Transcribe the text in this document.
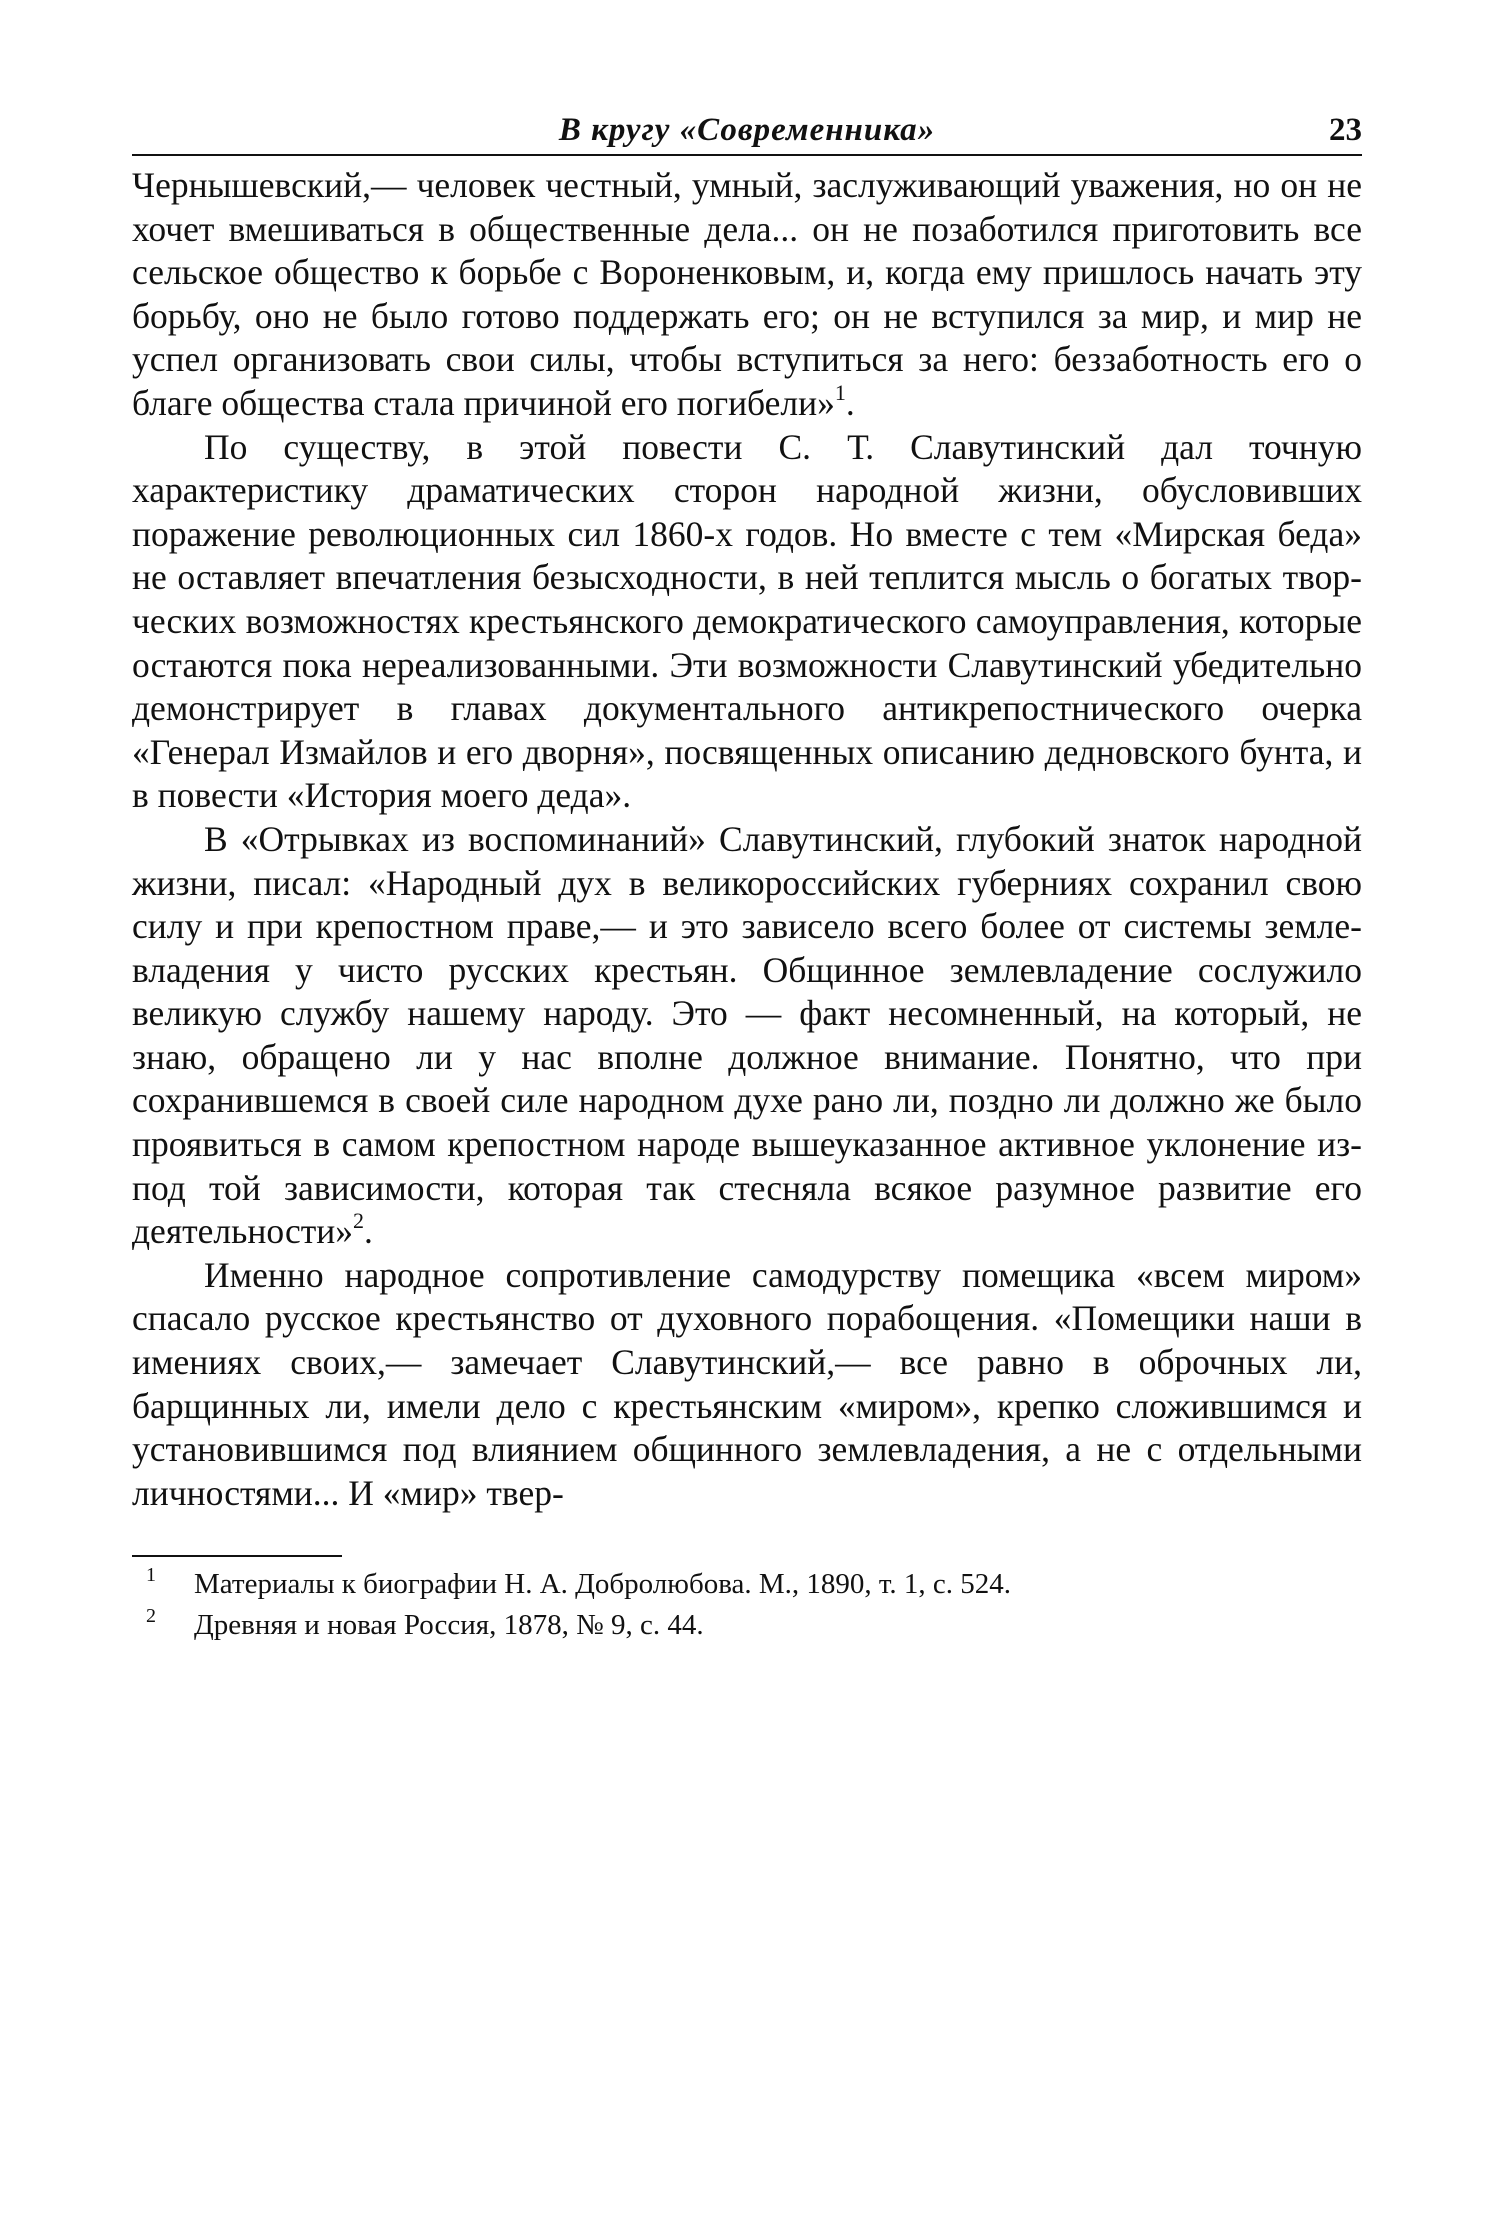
В кругу «Современника»	23

Чернышевский,— человек честный, умный, заслуживающий уважения, но он не хочет вмешиваться в общественные дела... он не позаботился приготовить все сельское общество к борьбе с Вороненковым, и, когда ему пришлось начать эту борьбу, оно не было готово поддержать его; он не вступился за мир, и мир не успел организовать свои силы, чтобы вступиться за него: беззаботность его о благе общества стала причиной его погибели»$^1$.

По существу, в этой повести С. Т. Славутинский дал точную характеристику драматических сторон народной жизни, обусловивших поражение революционных сил 1860-х годов. Но вместе с тем «Мирская беда» не оставляет впечатления безысходности, в ней теплится мысль о богатых творческих возможностях крестьянского демократического самоуправления, которые остаются пока нереализованными. Эти возможности Славутинский убедительно демонстрирует в главах документального антикрепостнического очерка «Генерал Измайлов и его дворня», посвященных описанию дедновского бунта, и в повести «История моего деда».

В «Отрывках из воспоминаний» Славутинский, глубокий знаток народной жизни, писал: «Народный дух в великороссийских губерниях сохранил свою силу и при крепостном праве,— и это зависело всего более от системы землевладения у чисто русских крестьян. Общинное землевладение сослужило великую службу нашему народу. Это — факт несомненный, на который, не знаю, обращено ли у нас вполне должное внимание. Понятно, что при сохранившемся в своей силе народном духе рано ли, поздно ли должно же было проявиться в самом крепостном народе вышеуказанное активное уклонение из-под той зависимости, которая так стесняла всякое разумное развитие его деятельности»$^2$.

Именно народное сопротивление самодурству помещика «всем миром» спасало русское крестьянство от духовного порабощения. «Помещики наши в имениях своих,— замечает Славутинский,— все равно в оброчных ли, барщинных ли, имели дело с крестьянским «миром», крепко сложившимся и установившимся под влиянием общинного землевладения, а не с отдельными личностями... И «мир» твер-

1 Материалы к биографии Н. А. Добролюбова. М., 1890, т. 1, с. 524.

2 Древняя и новая Россия, 1878, № 9, с. 44.
